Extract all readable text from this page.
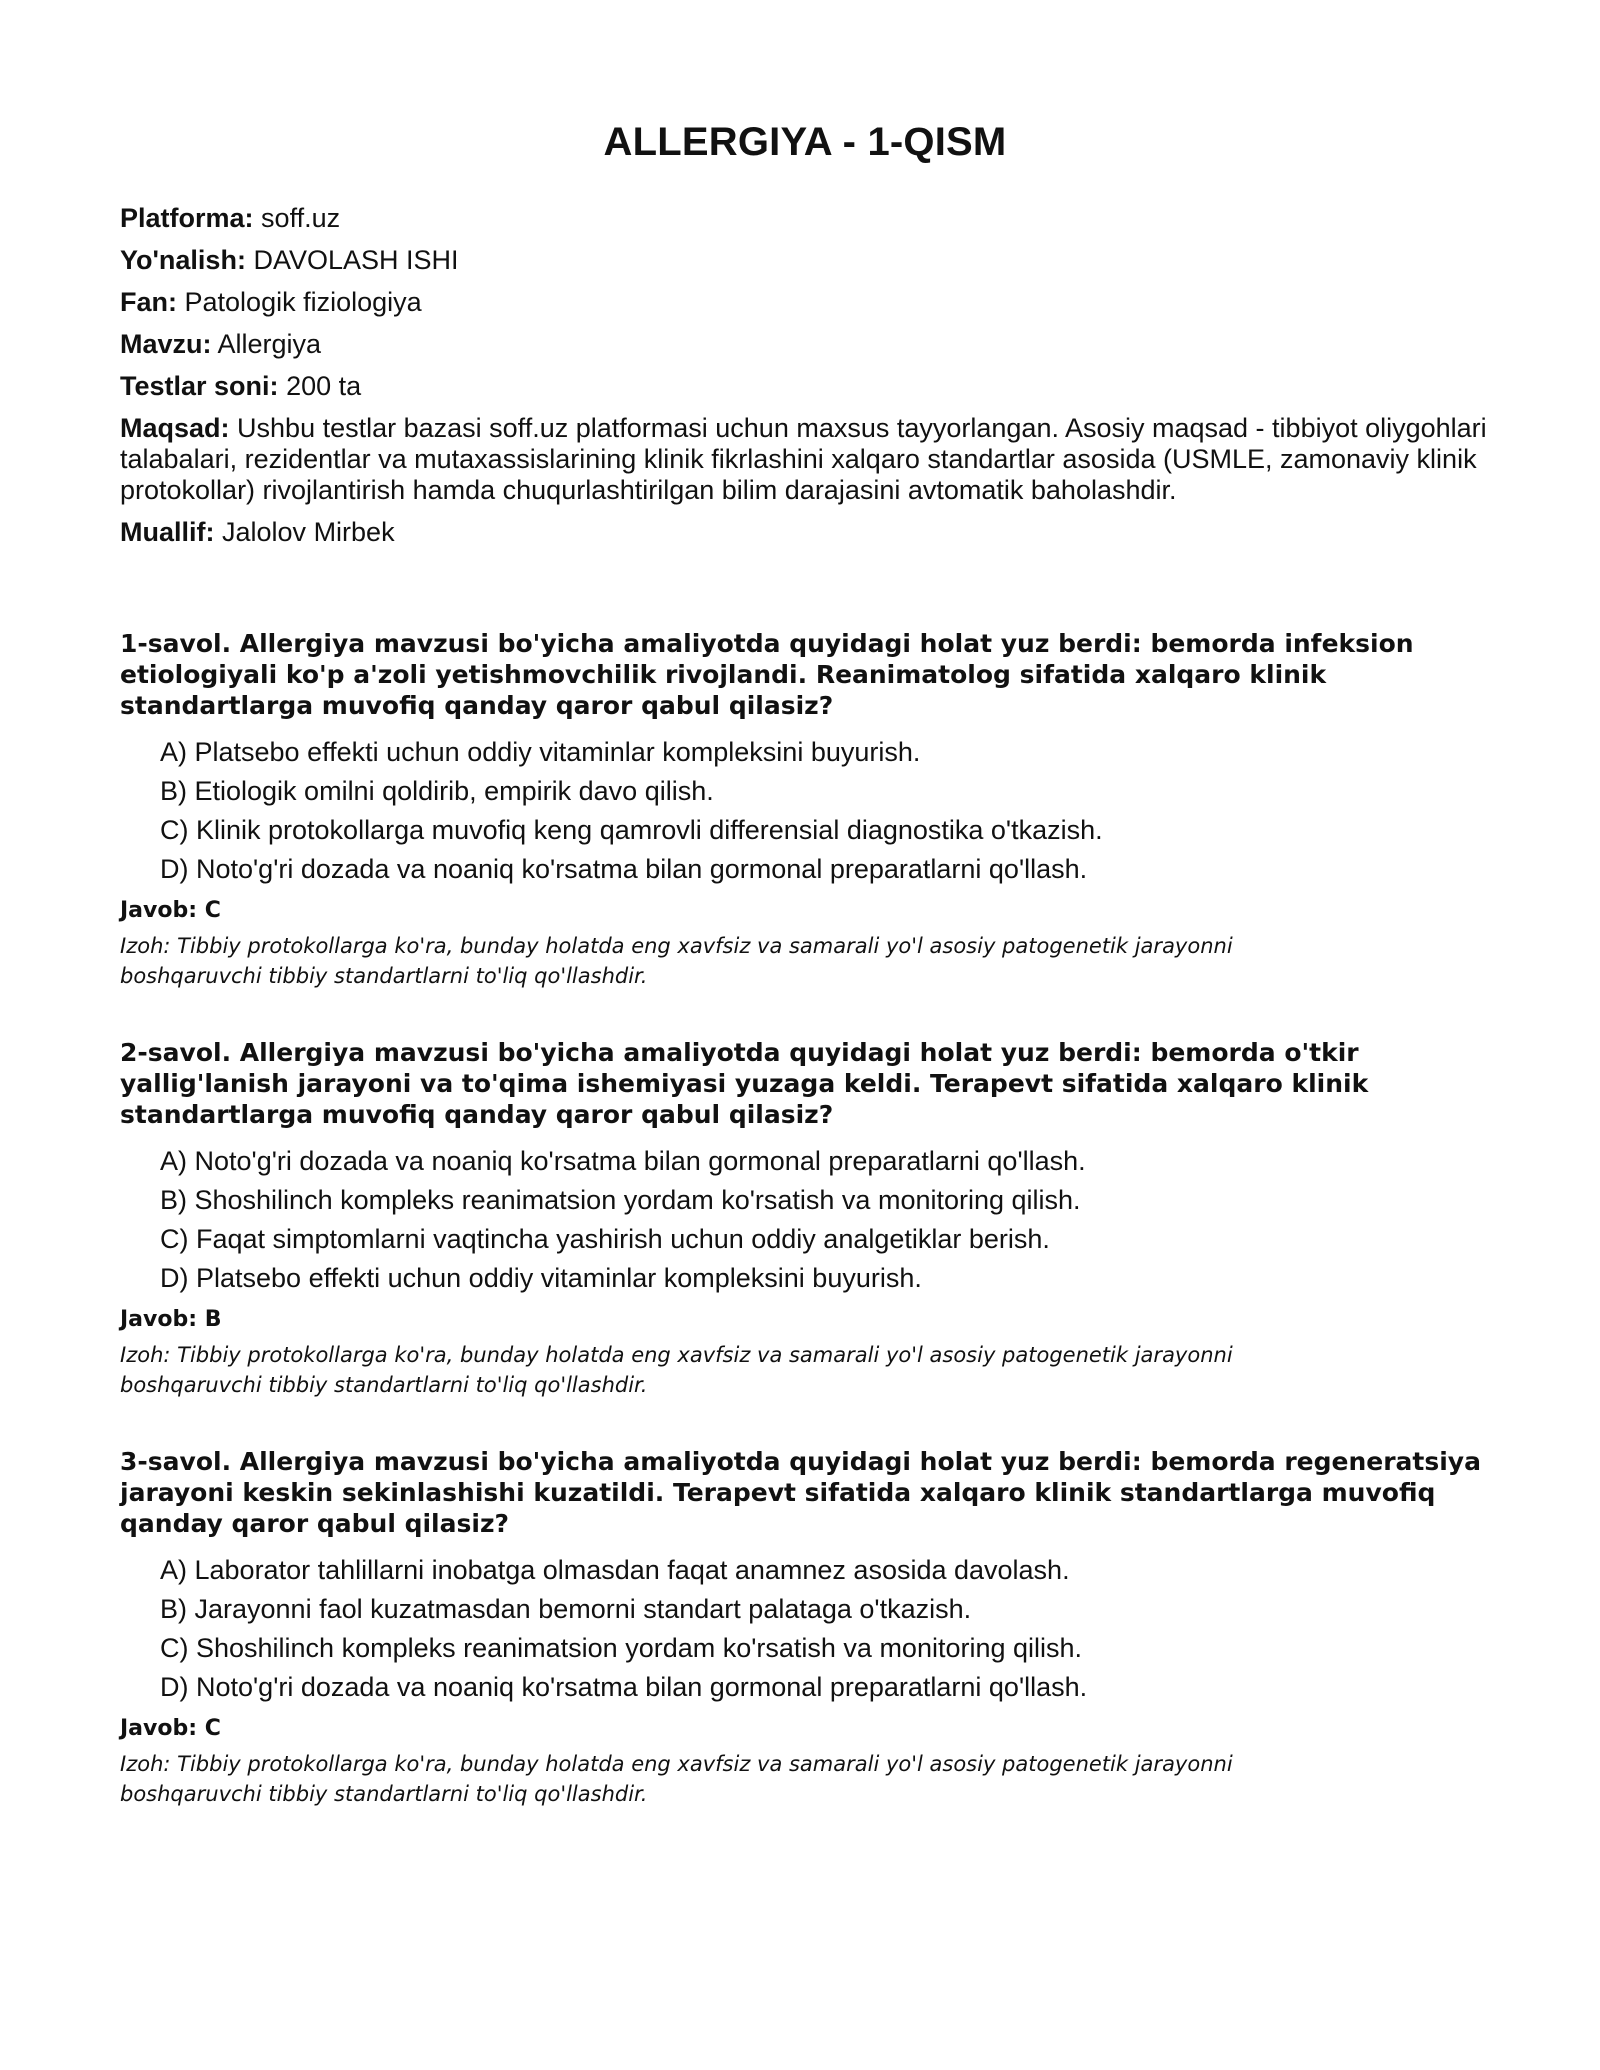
ALLERGIYA - 1-QISM

Platforma: soff.uz

Yo'nalish: DAVOLASH ISHI

Fan: Patologik fiziologiya

Mavzu: Allergiya

Testlar soni: 200 ta

Maqsad: Ushbu testlar bazasi soff.uz platformasi uchun maxsus tayyorlangan. Asosiy maqsad - tibbiyot oliygohlari talabalari, rezidentlar va mutaxassislarining klinik fikrlashini xalqaro standartlar asosida (USMLE, zamonaviy klinik protokollar) rivojlantirish hamda chuqurlashtirilgan bilim darajasini avtomatik baholashdir.

Muallif: Jalolov Mirbek

1-savol. Allergiya mavzusi bo'yicha amaliyotda quyidagi holat yuz berdi: bemorda infeksion etiologiyali ko'p a'zoli yetishmovchilik rivojlandi. Reanimatolog sifatida xalqaro klinik standartlarga muvofiq qanday qaror qabul qilasiz?

A) Platsebo effekti uchun oddiy vitaminlar kompleksini buyurish.
B) Etiologik omilni qoldirib, empirik davo qilish.
C) Klinik protokollarga muvofiq keng qamrovli differensial diagnostika o'tkazish.
D) Noto'g'ri dozada va noaniq ko'rsatma bilan gormonal preparatlarni qo'llash.

Javob: C

Izoh: Tibbiy protokollarga ko'ra, bunday holatda eng xavfsiz va samarali yo'l asosiy patogenetik jarayonni boshqaruvchi tibbiy standartlarni to'liq qo'llashdir.

2-savol. Allergiya mavzusi bo'yicha amaliyotda quyidagi holat yuz berdi: bemorda o'tkir yallig'lanish jarayoni va to'qima ishemiyasi yuzaga keldi. Terapevt sifatida xalqaro klinik standartlarga muvofiq qanday qaror qabul qilasiz?

A) Noto'g'ri dozada va noaniq ko'rsatma bilan gormonal preparatlarni qo'llash.
B) Shoshilinch kompleks reanimatsion yordam ko'rsatish va monitoring qilish.
C) Faqat simptomlarni vaqtincha yashirish uchun oddiy analgetiklar berish.
D) Platsebo effekti uchun oddiy vitaminlar kompleksini buyurish.

Javob: B

Izoh: Tibbiy protokollarga ko'ra, bunday holatda eng xavfsiz va samarali yo'l asosiy patogenetik jarayonni boshqaruvchi tibbiy standartlarni to'liq qo'llashdir.

3-savol. Allergiya mavzusi bo'yicha amaliyotda quyidagi holat yuz berdi: bemorda regeneratsiya jarayoni keskin sekinlashishi kuzatildi. Terapevt sifatida xalqaro klinik standartlarga muvofiq qanday qaror qabul qilasiz?

A) Laborator tahlillarni inobatga olmasdan faqat anamnez asosida davolash.
B) Jarayonni faol kuzatmasdan bemorni standart palataga o'tkazish.
C) Shoshilinch kompleks reanimatsion yordam ko'rsatish va monitoring qilish.
D) Noto'g'ri dozada va noaniq ko'rsatma bilan gormonal preparatlarni qo'llash.

Javob: C

Izoh: Tibbiy protokollarga ko'ra, bunday holatda eng xavfsiz va samarali yo'l asosiy patogenetik jarayonni boshqaruvchi tibbiy standartlarni to'liq qo'llashdir.
